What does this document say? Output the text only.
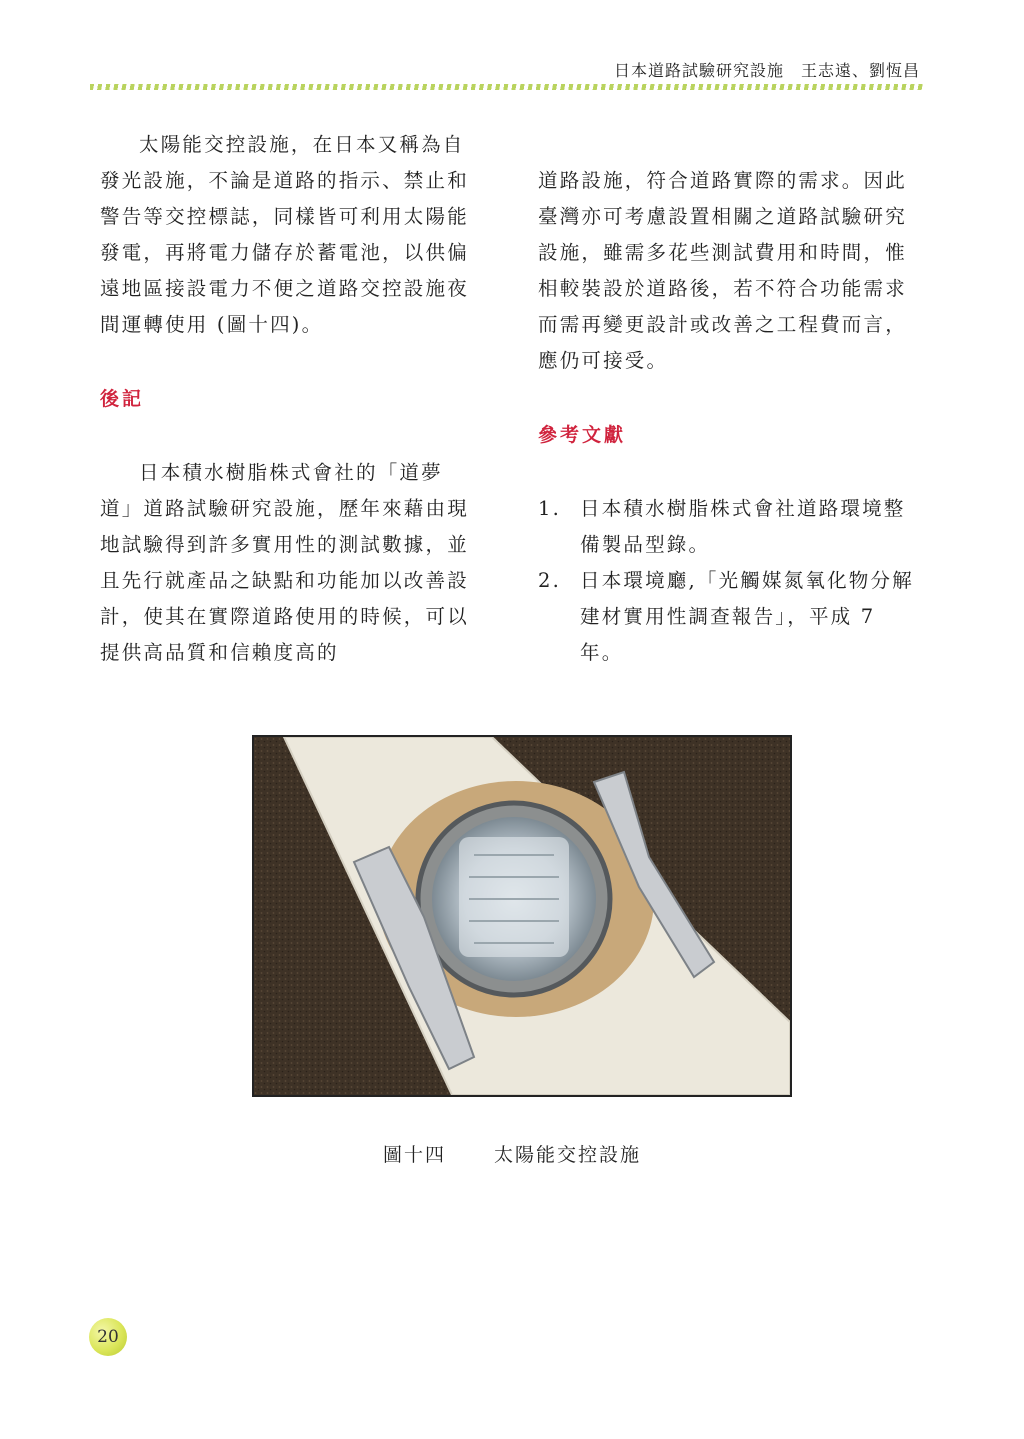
日本道路試驗研究設施　王志遠、劉恆昌

太陽能交控設施，在日本又稱為自發光設施，不論是道路的指示、禁止和警告等交控標誌，同樣皆可利用太陽能發電，再將電力儲存於蓄電池，以供偏遠地區接設電力不便之道路交控設施夜間運轉使用 (圖十四)。

後記

日本積水樹脂株式會社的「道夢道」道路試驗研究設施，歷年來藉由現地試驗得到許多實用性的測試數據，並且先行就產品之缺點和功能加以改善設計，使其在實際道路使用的時候，可以提供高品質和信賴度高的

道路設施，符合道路實際的需求。因此臺灣亦可考慮設置相關之道路試驗研究設施，雖需多花些測試費用和時間，惟相較裝設於道路後，若不符合功能需求而需再變更設計或改善之工程費而言，應仍可接受。

參考文獻

1. 日本積水樹脂株式會社道路環境整備製品型錄。
2. 日本環境廳,「光觸媒氮氧化物分解建材實用性調查報告」，平成 7 年。
圖十四	太陽能交控設施
20
